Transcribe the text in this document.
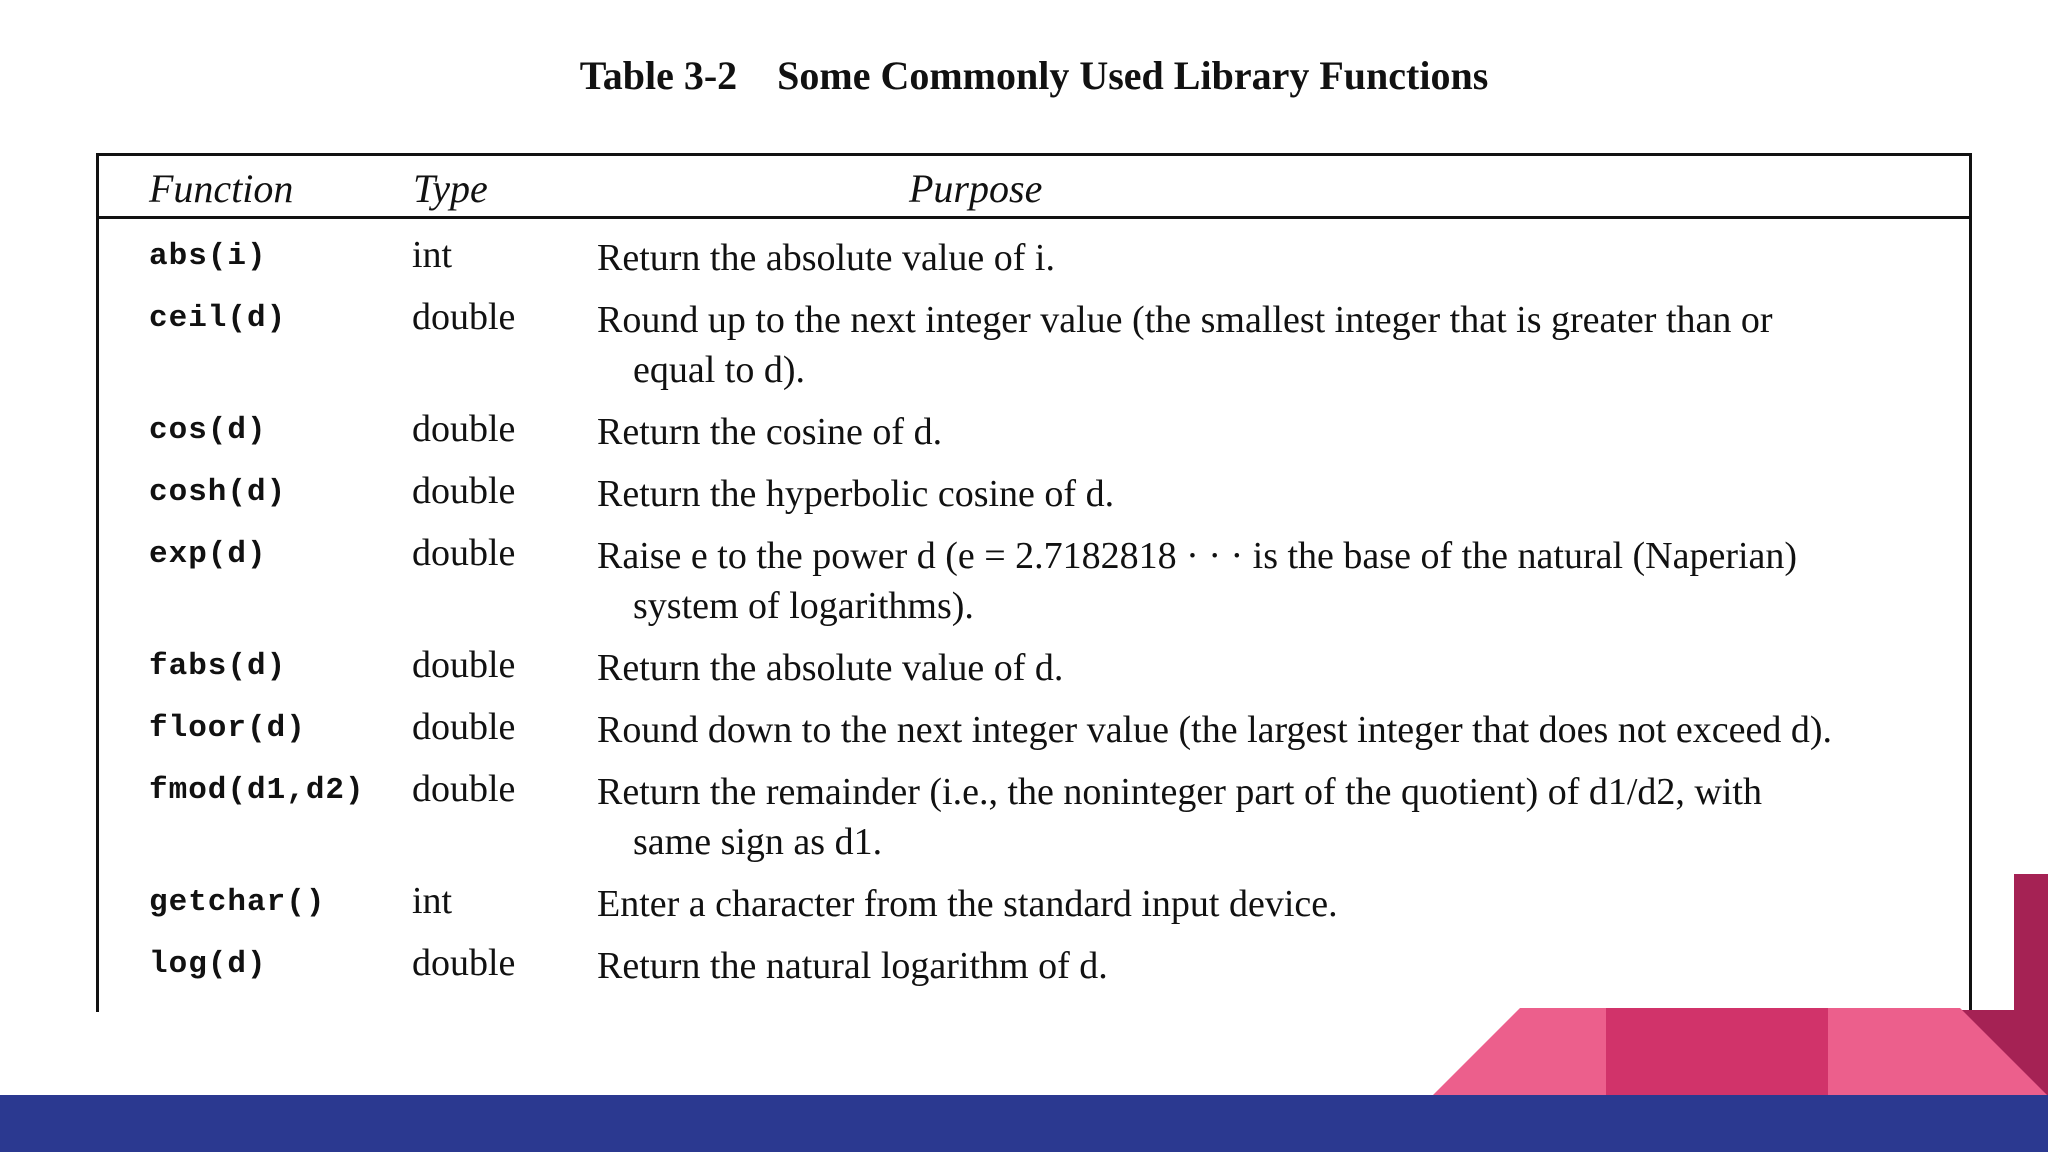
Table 3-2    Some Commonly Used Library Functions
Function	Type	Purpose
abs(i)	int	Return the absolute value of i.
ceil(d)	double Round up to the next integer value (the smallest integer that is greater than or
equal to d).
cos(d)	double Return the cosine of d.
cosh(d)	double Return the hyperbolic cosine of d.
exp(d)	double Raise e to the power d (e = 2.7182818 · · · is the base of the natural (Naperian)
system of logarithms).
fabs(d)	double Return the absolute value of d.
floor(d)	double Round down to the next integer value (the largest integer that does not exceed d).
fmod(d1,d2) double Return the remainder (i.e., the noninteger part of the quotient) of d1/d2, with
same sign as d1.
getchar() int	Enter a character from the standard input device.
log(d)	double Return the natural logarithm of d.
